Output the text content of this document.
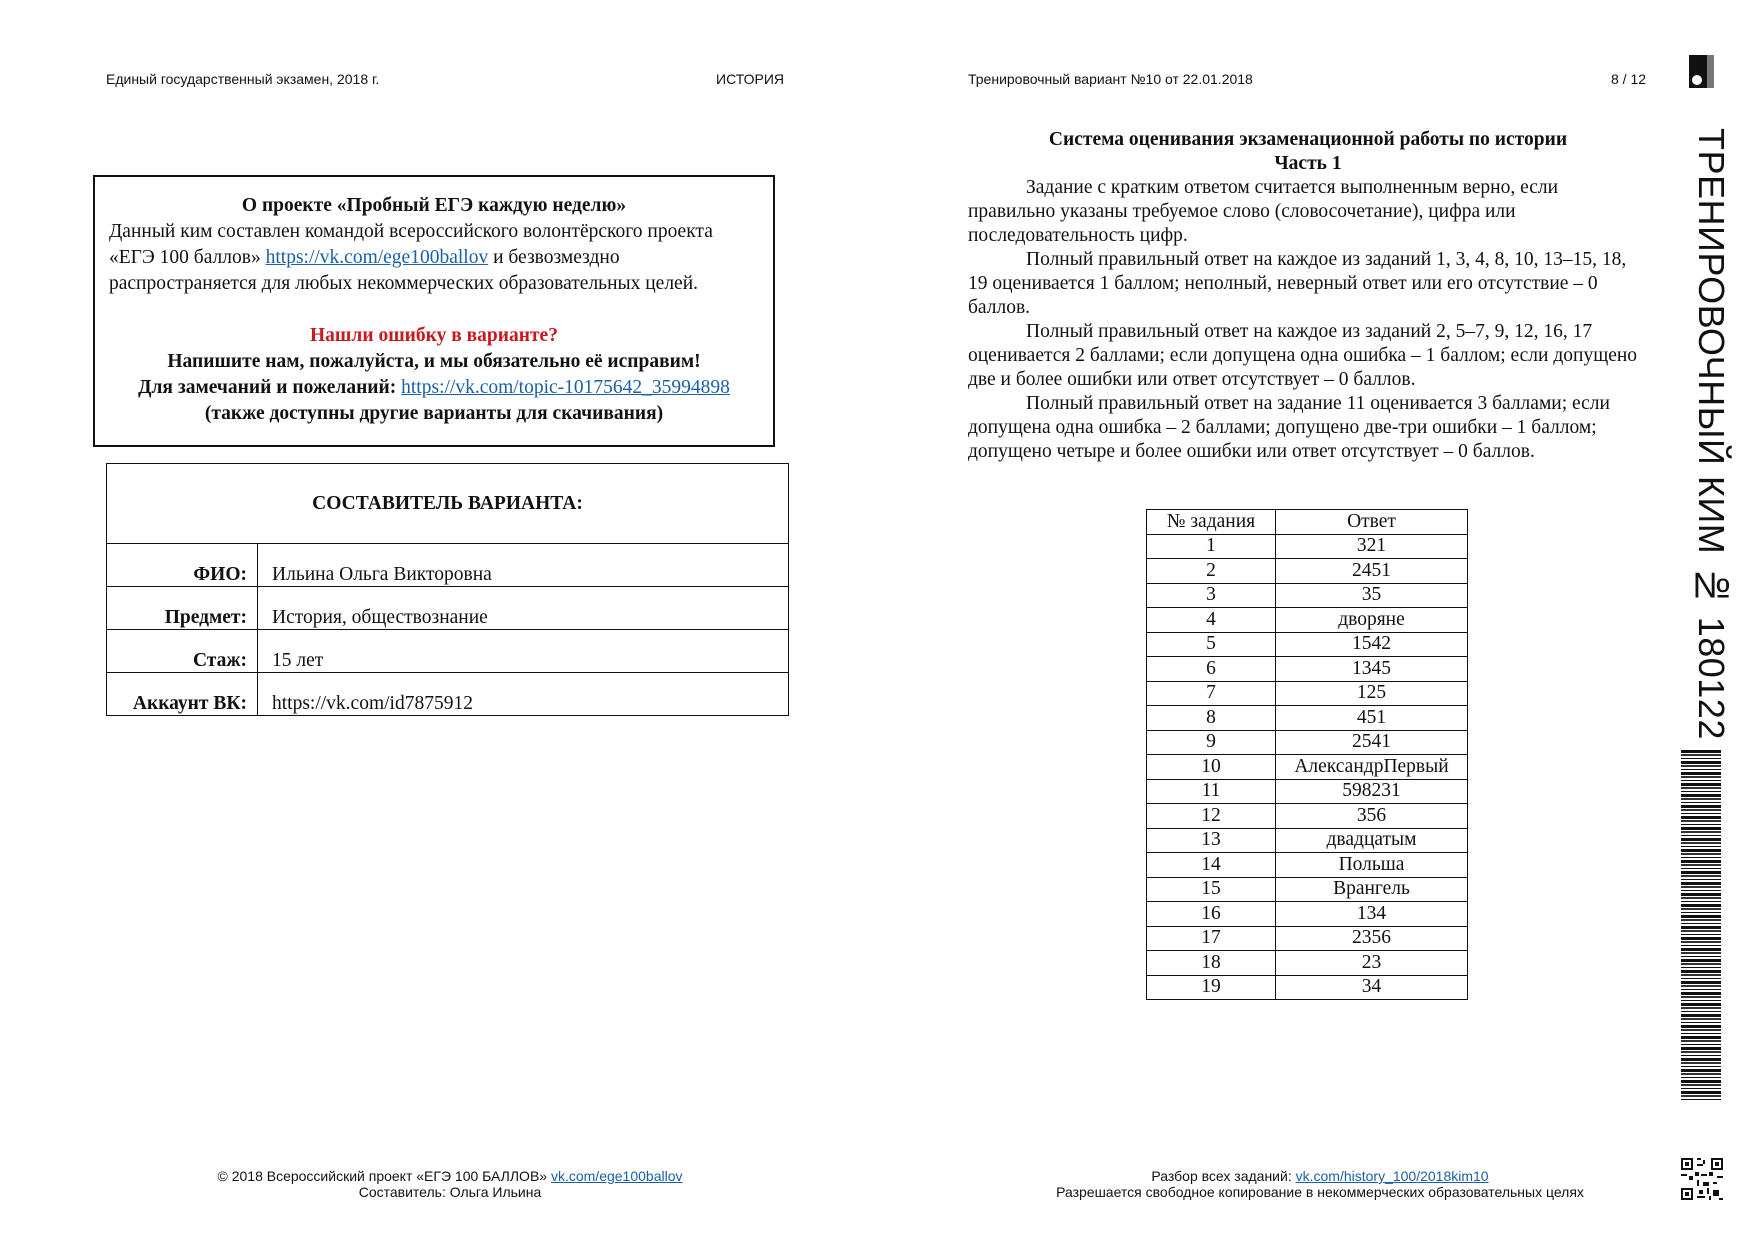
Единый государственный экзамен, 2018 г.	ИСТОРИЯ
О проекте «Пробный ЕГЭ каждую неделю»
Данный ким составлен командой всероссийского волонтёрского проекта
«ЕГЭ 100 баллов» https://vk.com/ege100ballov и безвозмездно
распространяется для любых некоммерческих образовательных целей.
Нашли ошибку в варианте?
Напишите нам, пожалуйста, и мы обязательно её исправим!
Для замечаний и пожеланий: https://vk.com/topic-10175642_35994898
(также доступны другие варианты для скачивания)
СОСТАВИТЕЛЬ ВАРИАНТА:	
ФИО:	Ильина Ольга Викторовна
Предмет:	История, обществознание
Стаж:	15 лет
Аккаунт ВК:	https://vk.com/id7875912
© 2018 Всероссийский проект «ЕГЭ 100 БАЛЛОВ» vk.com/ege100ballov
Составитель: Ольга Ильина
Тренировочный вариант №10 от 22.01.2018	8 / 12
Система оценивания экзаменационной работы по истории
Часть 1

Задание с кратким ответом считается выполненным верно, если правильно указаны требуемое слово (словосочетание), цифра или последовательность цифр.

Полный правильный ответ на каждое из заданий 1, 3, 4, 8, 10, 13–15, 18, 19 оценивается 1 баллом; неполный, неверный ответ или его отсутствие – 0 баллов.

Полный правильный ответ на каждое из заданий 2, 5–7, 9, 12, 16, 17 оценивается 2 баллами; если допущена одна ошибка – 1 баллом; если допущено две и более ошибки или ответ отсутствует – 0 баллов.

Полный правильный ответ на задание 11 оценивается 3 баллами; если допущена одна ошибка – 2 баллами; допущено две-три ошибки – 1 баллом; допущено четыре и более ошибки или ответ отсутствует – 0 баллов.

№ задания	Ответ
1	321
2	2451
3	35
4	дворяне
5	1542
6	1345
7	125
8	451
9	2541
10	АлександрПервый
11	598231
12	356
13	двадцатым
14	Польша
15	Врангель
16	134
17	2356
18	23
19	34
Разбор всех заданий: vk.com/history_100/2018kim10
Разрешается свободное копирование в некоммерческих образовательных целях
ТРЕНИРОВОЧНЫЙ КИМ № 180122
